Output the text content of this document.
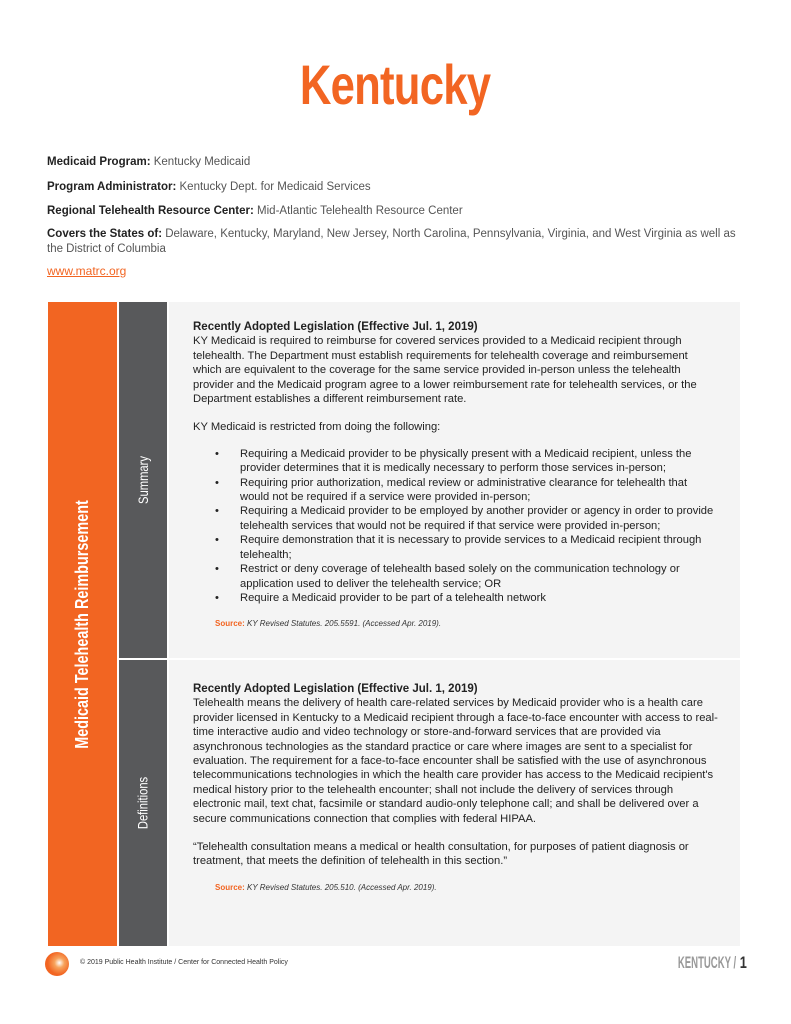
Kentucky
Medicaid Program: Kentucky Medicaid
Program Administrator: Kentucky Dept. for Medicaid Services
Regional Telehealth Resource Center: Mid-Atlantic Telehealth Resource Center
Covers the States of: Delaware, Kentucky, Maryland, New Jersey, North Carolina, Pennsylvania, Virginia, and West Virginia as well as the District of Columbia
www.matrc.org
Medicaid Telehealth Reimbursement
Summary
Definitions
Recently Adopted Legislation (Effective Jul. 1, 2019)

KY Medicaid is required to reimburse for covered services provided to a Medicaid recipient through telehealth. The Department must establish requirements for telehealth coverage and reimbursement which are equivalent to the coverage for the same service provided in-person unless the telehealth provider and the Medicaid program agree to a lower reimbursement rate for telehealth services, or the Department establishes a different reimbursement rate.

KY Medicaid is restricted from doing the following:

• Requiring a Medicaid provider to be physically present with a Medicaid recipient, unless the provider determines that it is medically necessary to perform those services in-person;
• Requiring prior authorization, medical review or administrative clearance for telehealth that would not be required if a service were provided in-person;
• Requiring a Medicaid provider to be employed by another provider or agency in order to provide telehealth services that would not be required if that service were provided in-person;
• Require demonstration that it is necessary to provide services to a Medicaid recipient through telehealth;
• Restrict or deny coverage of telehealth based solely on the communication technology or application used to deliver the telehealth service; OR
• Require a Medicaid provider to be part of a telehealth network
Source: KY Revised Statutes. 205.5591. (Accessed Apr. 2019).
Recently Adopted Legislation (Effective Jul. 1, 2019)

Telehealth means the delivery of health care-related services by Medicaid provider who is a health care provider licensed in Kentucky to a Medicaid recipient through a face-to-face encounter with access to real-time interactive audio and video technology or store-and-forward services that are provided via asynchronous technologies as the standard practice or care where images are sent to a specialist for evaluation. The requirement for a face-to-face encounter shall be satisfied with the use of asynchronous telecommunications technologies in which the health care provider has access to the Medicaid recipient's medical history prior to the telehealth encounter; shall not include the delivery of services through electronic mail, text chat, facsimile or standard audio-only telephone call; and shall be delivered over a secure communications connection that complies with federal HIPAA.

“Telehealth consultation means a medical or health consultation, for purposes of patient diagnosis or treatment, that meets the definition of telehealth in this section.”

Source: KY Revised Statutes. 205.510. (Accessed Apr. 2019).
© 2019 Public Health Institute / Center for Connected Health Policy	KENTUCKY / 1
